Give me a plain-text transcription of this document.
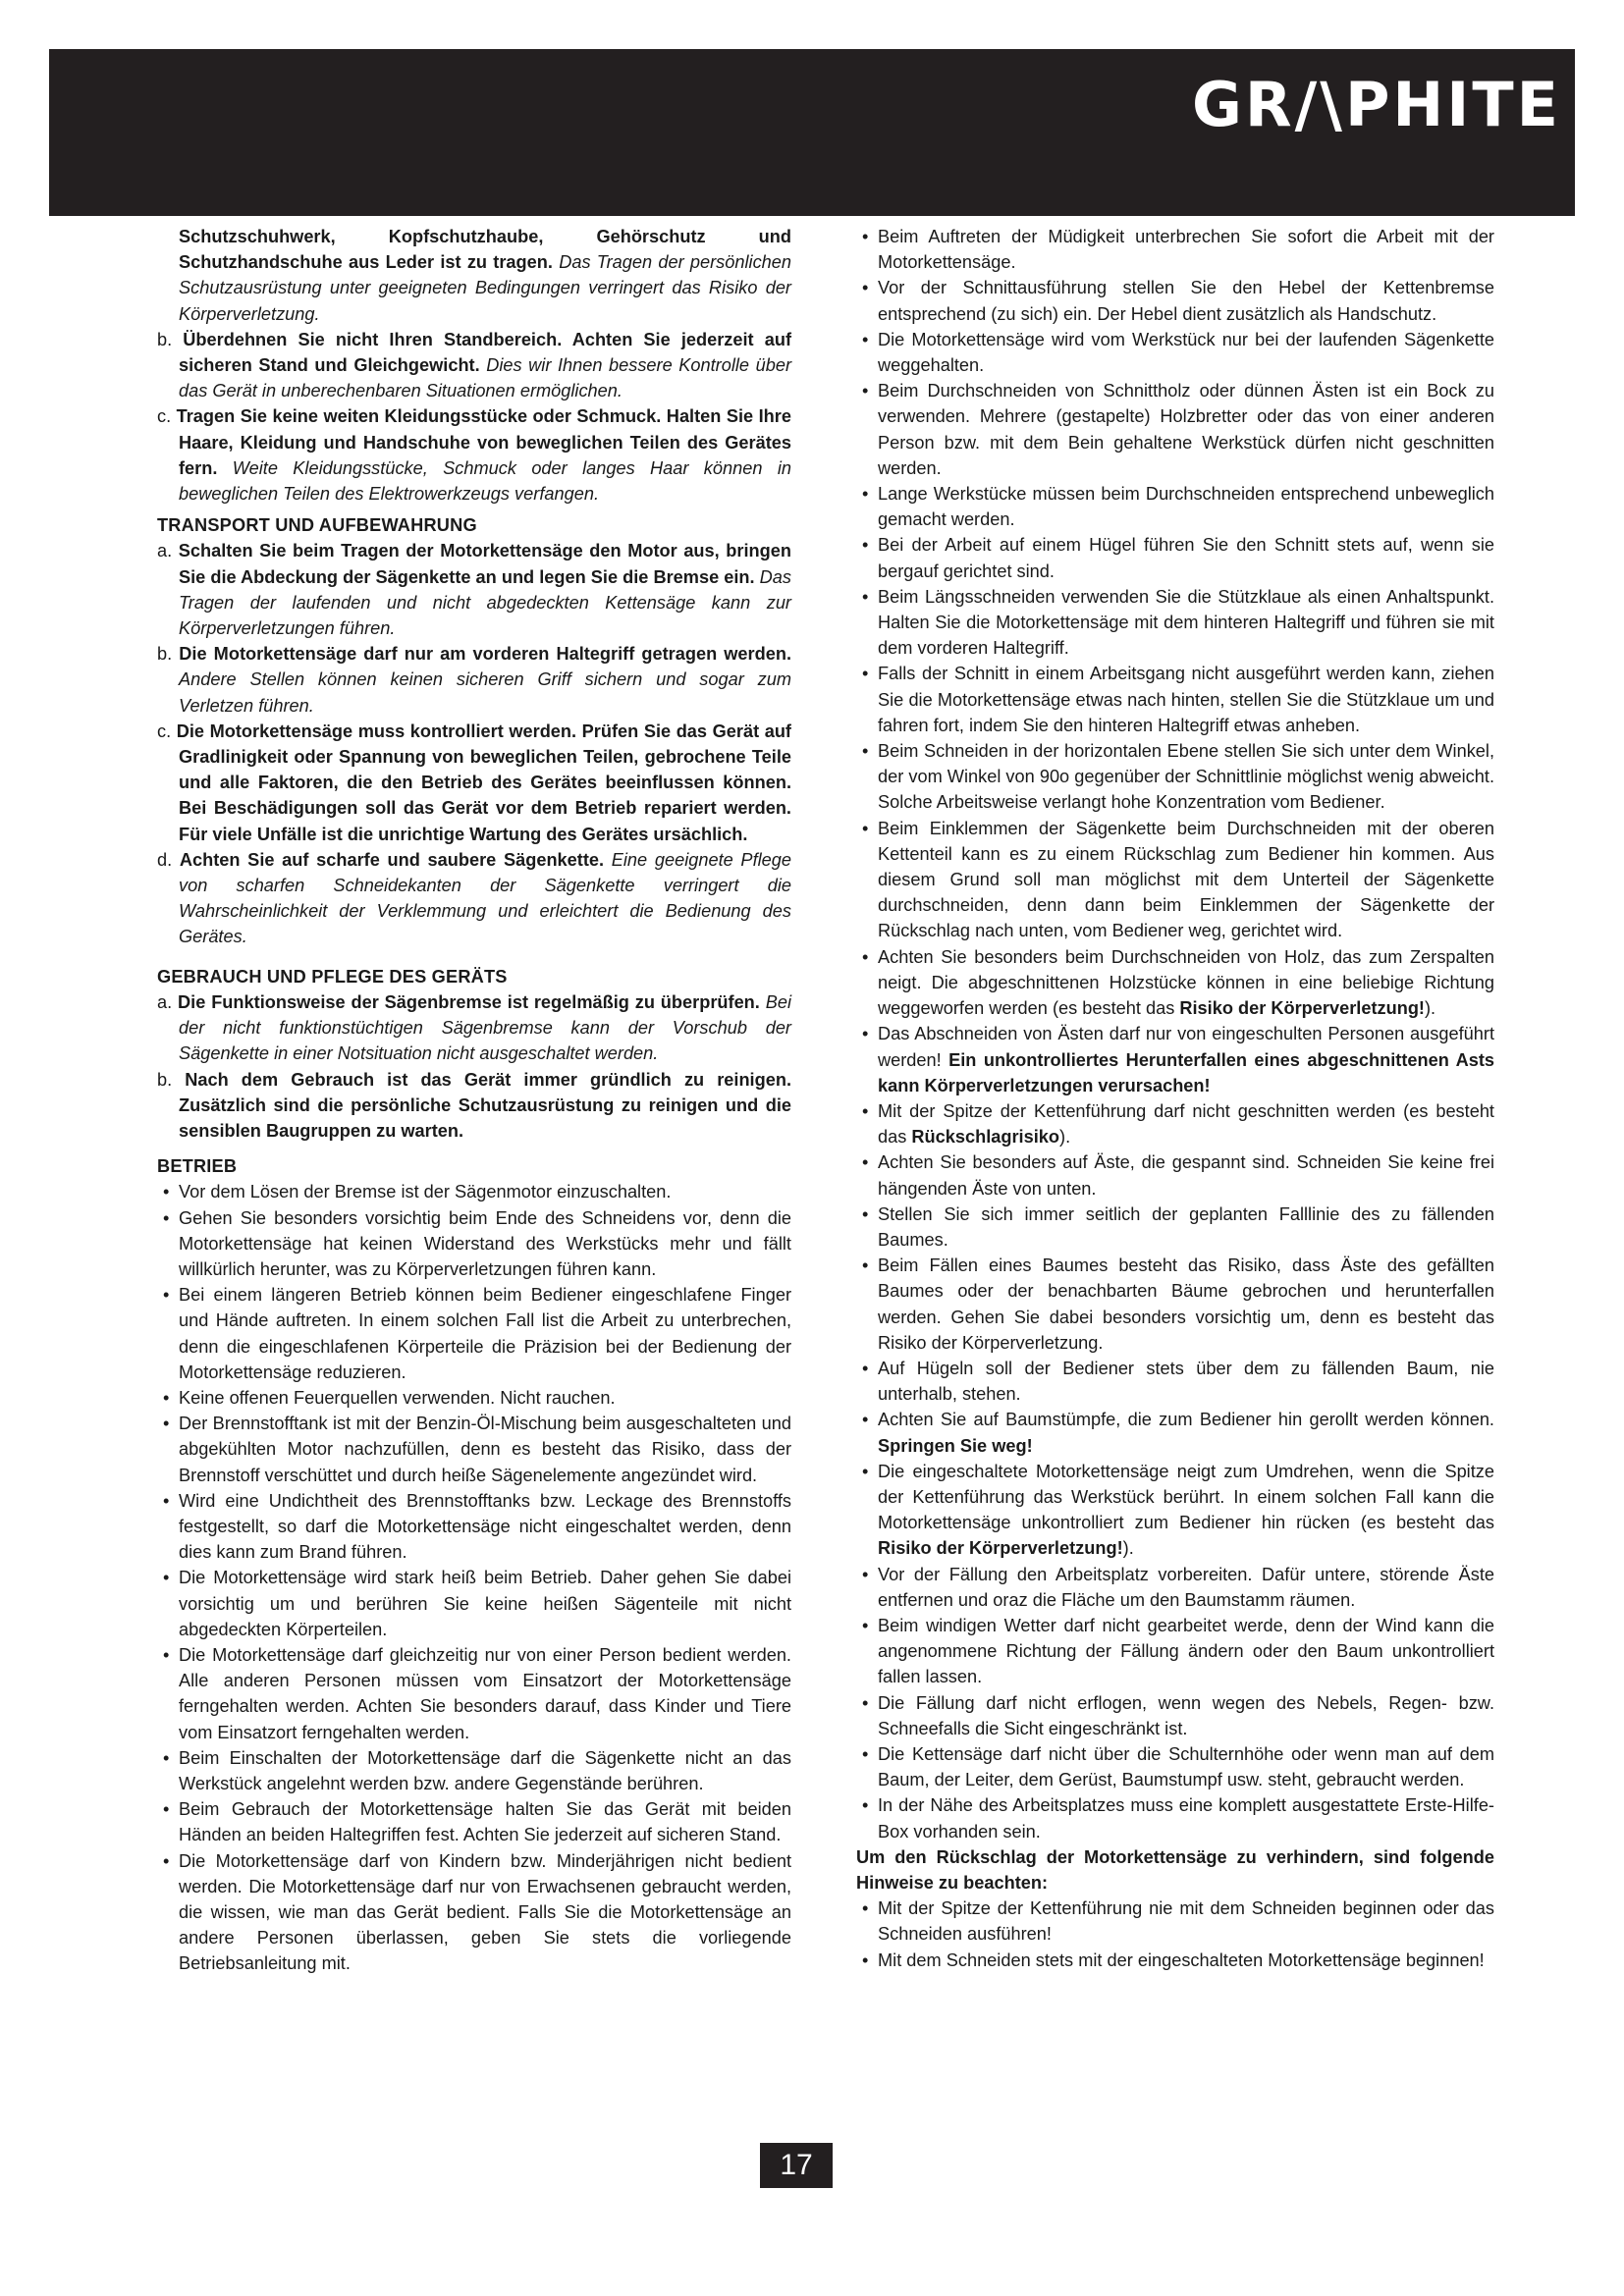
GR/\PHITE

Schutzschuhwerk, Kopfschutzhaube, Gehörschutz und Schutzhandschuhe aus Leder ist zu tragen. Das Tragen der persönlichen Schutzausrüstung unter geeigneten Bedingungen verringert das Risiko der Körperverletzung.

b. Überdehnen Sie nicht Ihren Standbereich. Achten Sie jederzeit auf sicheren Stand und Gleichgewicht. Dies wir Ihnen bessere Kontrolle über das Gerät in unberechenbaren Situationen ermöglichen.

c. Tragen Sie keine weiten Kleidungsstücke oder Schmuck. Halten Sie Ihre Haare, Kleidung und Handschuhe von beweglichen Teilen des Gerätes fern. Weite Kleidungsstücke, Schmuck oder langes Haar können in beweglichen Teilen des Elektrowerkzeugs verfangen.

TRANSPORT UND AUFBEWAHRUNG

a. Schalten Sie beim Tragen der Motorkettensäge den Motor aus, bringen Sie die Abdeckung der Sägenkette an und legen Sie die Bremse ein. Das Tragen der laufenden und nicht abgedeckten Kettensäge kann zur Körperverletzungen führen.

b. Die Motorkettensäge darf nur am vorderen Haltegriff getragen werden. Andere Stellen können keinen sicheren Griff sichern und sogar zum Verletzen führen.

c. Die Motorkettensäge muss kontrolliert werden. Prüfen Sie das Gerät auf Gradlinigkeit oder Spannung von beweglichen Teilen, gebrochene Teile und alle Faktoren, die den Betrieb des Gerätes beeinflussen können. Bei Beschädigungen soll das Gerät vor dem Betrieb repariert werden. Für viele Unfälle ist die unrichtige Wartung des Gerätes ursächlich.

d. Achten Sie auf scharfe und saubere Sägenkette. Eine geeignete Pflege von scharfen Schneidekanten der Sägenkette verringert die Wahrscheinlichkeit der Verklemmung und erleichtert die Bedienung des Gerätes.

GEBRAUCH UND PFLEGE DES GERÄTS

a. Die Funktionsweise der Sägenbremse ist regelmäßig zu überprüfen. Bei der nicht funktionstüchtigen Sägenbremse kann der Vorschub der Sägenkette in einer Notsituation nicht ausgeschaltet werden.

b. Nach dem Gebrauch ist das Gerät immer gründlich zu reinigen. Zusätzlich sind die persönliche Schutzausrüstung zu reinigen und die sensiblen Baugruppen zu warten.

BETRIEB

• Vor dem Lösen der Bremse ist der Sägenmotor einzuschalten.

• Gehen Sie besonders vorsichtig beim Ende des Schneidens vor, denn die Motorkettensäge hat keinen Widerstand des Werkstücks mehr und fällt willkürlich herunter, was zu Körperverletzungen führen kann.

• Bei einem längeren Betrieb können beim Bediener eingeschlafene Finger und Hände auftreten. In einem solchen Fall list die Arbeit zu unterbrechen, denn die eingeschlafenen Körperteile die Präzision bei der Bedienung der Motorkettensäge reduzieren.

• Keine offenen Feuerquellen verwenden. Nicht rauchen.

• Der Brennstofftank ist mit der Benzin-Öl-Mischung beim ausgeschalteten und abgekühlten Motor nachzufüllen, denn es besteht das Risiko, dass der Brennstoff verschüttet und durch heiße Sägenelemente angezündet wird.

• Wird eine Undichtheit des Brennstofftanks bzw. Leckage des Brennstoffs festgestellt, so darf die Motorkettensäge nicht eingeschaltet werden, denn dies kann zum Brand führen.

• Die Motorkettensäge wird stark heiß beim Betrieb. Daher gehen Sie dabei vorsichtig um und berühren Sie keine heißen Sägenteile mit nicht abgedeckten Körperteilen.

• Die Motorkettensäge darf gleichzeitig nur von einer Person bedient werden. Alle anderen Personen müssen vom Einsatzort der Motorkettensäge ferngehalten werden. Achten Sie besonders darauf, dass Kinder und Tiere vom Einsatzort ferngehalten werden.

• Beim Einschalten der Motorkettensäge darf die Sägenkette nicht an das Werkstück angelehnt werden bzw. andere Gegenstände berühren.

• Beim Gebrauch der Motorkettensäge halten Sie das Gerät mit beiden Händen an beiden Haltegriffen fest. Achten Sie jederzeit auf sicheren Stand.

• Die Motorkettensäge darf von Kindern bzw. Minderjährigen nicht bedient werden. Die Motorkettensäge darf nur von Erwachsenen gebraucht werden, die wissen, wie man das Gerät bedient. Falls Sie die Motorkettensäge an andere Personen überlassen, geben Sie stets die vorliegende Betriebsanleitung mit.

• Beim Auftreten der Müdigkeit unterbrechen Sie sofort die Arbeit mit der Motorkettensäge.

• Vor der Schnittausführung stellen Sie den Hebel der Kettenbremse entsprechend (zu sich) ein. Der Hebel dient zusätzlich als Handschutz.

• Die Motorkettensäge wird vom Werkstück nur bei der laufenden Sägenkette weggehalten.

• Beim Durchschneiden von Schnittholz oder dünnen Ästen ist ein Bock zu verwenden. Mehrere (gestapelte) Holzbretter oder das von einer anderen Person bzw. mit dem Bein gehaltene Werkstück dürfen nicht geschnitten werden.

• Lange Werkstücke müssen beim Durchschneiden entsprechend unbeweglich gemacht werden.

• Bei der Arbeit auf einem Hügel führen Sie den Schnitt stets auf, wenn sie bergauf gerichtet sind.

• Beim Längsschneiden verwenden Sie die Stützklaue als einen Anhaltspunkt. Halten Sie die Motorkettensäge mit dem hinteren Haltegriff und führen sie mit dem vorderen Haltegriff.

• Falls der Schnitt in einem Arbeitsgang nicht ausgeführt werden kann, ziehen Sie die Motorkettensäge etwas nach hinten, stellen Sie die Stützklaue um und fahren fort, indem Sie den hinteren Haltegriff etwas anheben.

• Beim Schneiden in der horizontalen Ebene stellen Sie sich unter dem Winkel, der vom Winkel von 90o gegenüber der Schnittlinie möglichst wenig abweicht. Solche Arbeitsweise verlangt hohe Konzentration vom Bediener.

• Beim Einklemmen der Sägenkette beim Durchschneiden mit der oberen Kettenteil kann es zu einem Rückschlag zum Bediener hin kommen. Aus diesem Grund soll man möglichst mit dem Unterteil der Sägenkette durchschneiden, denn dann beim Einklemmen der Sägenkette der Rückschlag nach unten, vom Bediener weg, gerichtet wird.

• Achten Sie besonders beim Durchschneiden von Holz, das zum Zerspalten neigt. Die abgeschnittenen Holzstücke können in eine beliebige Richtung weggeworfen werden (es besteht das Risiko der Körperverletzung!).

• Das Abschneiden von Ästen darf nur von eingeschulten Personen ausgeführt werden! Ein unkontrolliertes Herunterfallen eines abgeschnittenen Asts kann Körperverletzungen verursachen!

• Mit der Spitze der Kettenführung darf nicht geschnitten werden (es besteht das Rückschlagrisiko).

• Achten Sie besonders auf Äste, die gespannt sind. Schneiden Sie keine frei hängenden Äste von unten.

• Stellen Sie sich immer seitlich der geplanten Falllinie des zu fällenden Baumes.

• Beim Fällen eines Baumes besteht das Risiko, dass Äste des gefällten Baumes oder der benachbarten Bäume gebrochen und herunterfallen werden. Gehen Sie dabei besonders vorsichtig um, denn es besteht das Risiko der Körperverletzung.

• Auf Hügeln soll der Bediener stets über dem zu fällenden Baum, nie unterhalb, stehen.

• Achten Sie auf Baumstümpfe, die zum Bediener hin gerollt werden können. Springen Sie weg!

• Die eingeschaltete Motorkettensäge neigt zum Umdrehen, wenn die Spitze der Kettenführung das Werkstück berührt. In einem solchen Fall kann die Motorkettensäge unkontrolliert zum Bediener hin rücken (es besteht das Risiko der Körperverletzung!).

• Vor der Fällung den Arbeitsplatz vorbereiten. Dafür untere, störende Äste entfernen und oraz die Fläche um den Baumstamm räumen.

• Beim windigen Wetter darf nicht gearbeitet werde, denn der Wind kann die angenommene Richtung der Fällung ändern oder den Baum unkontrolliert fallen lassen.

• Die Fällung darf nicht erflogen, wenn wegen des Nebels, Regen- bzw. Schneefalls die Sicht eingeschränkt ist.

• Die Kettensäge darf nicht über die Schulternhöhe oder wenn man auf dem Baum, der Leiter, dem Gerüst, Baumstumpf usw. steht, gebraucht werden.

• In der Nähe des Arbeitsplatzes muss eine komplett ausgestattete Erste-Hilfe-Box vorhanden sein.

Um den Rückschlag der Motorkettensäge zu verhindern, sind folgende Hinweise zu beachten:

• Mit der Spitze der Kettenführung nie mit dem Schneiden beginnen oder das Schneiden ausführen!

• Mit dem Schneiden stets mit der eingeschalteten Motorkettensäge beginnen!

17
